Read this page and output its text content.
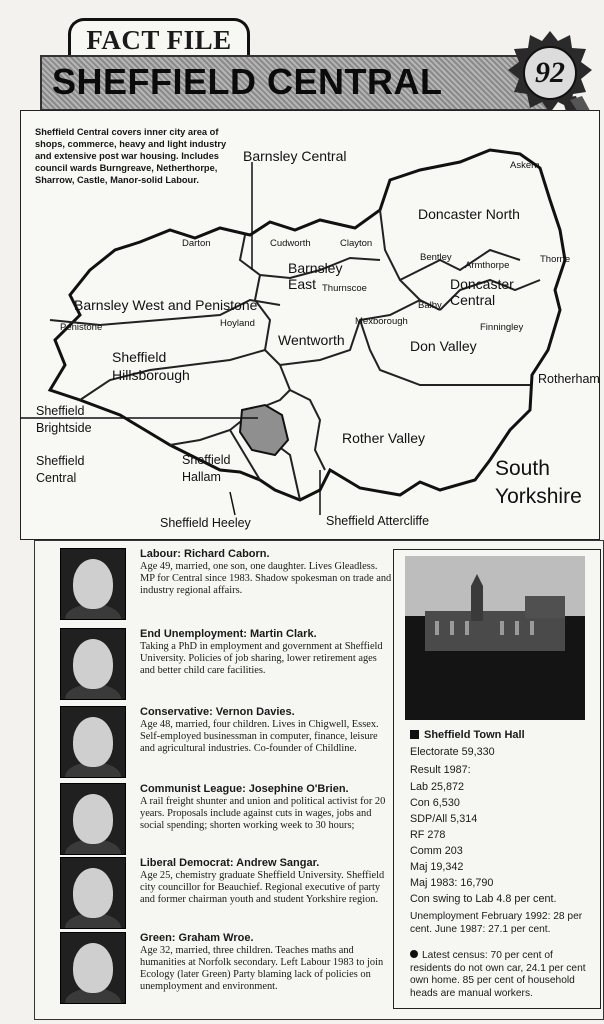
FACT FILE
SHEFFIELD CENTRAL	92
Sheffield Central covers inner city area of shops, commerce, heavy and light industry and extensive post war housing. Includes council wards Burngreave, Netherthorpe, Sharrow, Castle, Manor-solid Labour.
Barnsley Central
Doncaster North
Barnsley East	Doncaster Central
Barnsley West and Penistone
Wentworth	Don Valley
Sheffield Hillsborough	Rotherham
Sheffield Brightside
Rother Valley
Sheffield Central
Sheffield Hallam
Sheffield Heeley	Sheffield Attercliffe
Askern
Darton	Cudworth	Clayton
Bentley
Armthorpe
Thorne
Thurnscoe
Balby
Penistone	Hoyland	Mexborough
Finningley
South Yorkshire
Labour: Richard Caborn.
Age 49, married, one son, one daughter. Lives Gleadless. MP for Central since 1983. Shadow spokesman on trade and industry regional affairs.
End Unemployment: Martin Clark.
Taking a PhD in employment and government at Sheffield University. Policies of job sharing, lower retirement ages and better child care facilities.
Conservative: Vernon Davies.
Age 48, married, four children. Lives in Chigwell, Essex. Self-employed businessman in computer, finance, leisure and agricultural industries. Co-founder of Childline.
Communist League: Josephine O'Brien.
A rail freight shunter and union and political activist for 20 years. Proposals include against cuts in wages, jobs and social spending; shorten working week to 30 hours;
Liberal Democrat: Andrew Sangar.
Age 25, chemistry graduate Sheffield University. Sheffield city councillor for Beauchief. Regional executive of party and former chairman youth and student Yorkshire region.
Green: Graham Wroe.
Age 32, married, three children. Teaches maths and humanities at Norfolk secondary. Left Labour 1983 to join Ecology (later Green) Party blaming lack of policies on unemployment and environment.
Sheffield Town Hall
Electorate 59,330
Result 1987:
Lab 25,872
Con 6,530
SDP/All 5,314
RF 278
Comm 203
Maj 19,342
Maj 1983: 16,790
Con swing to Lab 4.8 per cent.
Unemployment February 1992: 28 per cent. June 1987: 27.1 per cent.
Latest census: 70 per cent of residents do not own car, 24.1 per cent own home. 85 per cent of household heads are manual workers.
